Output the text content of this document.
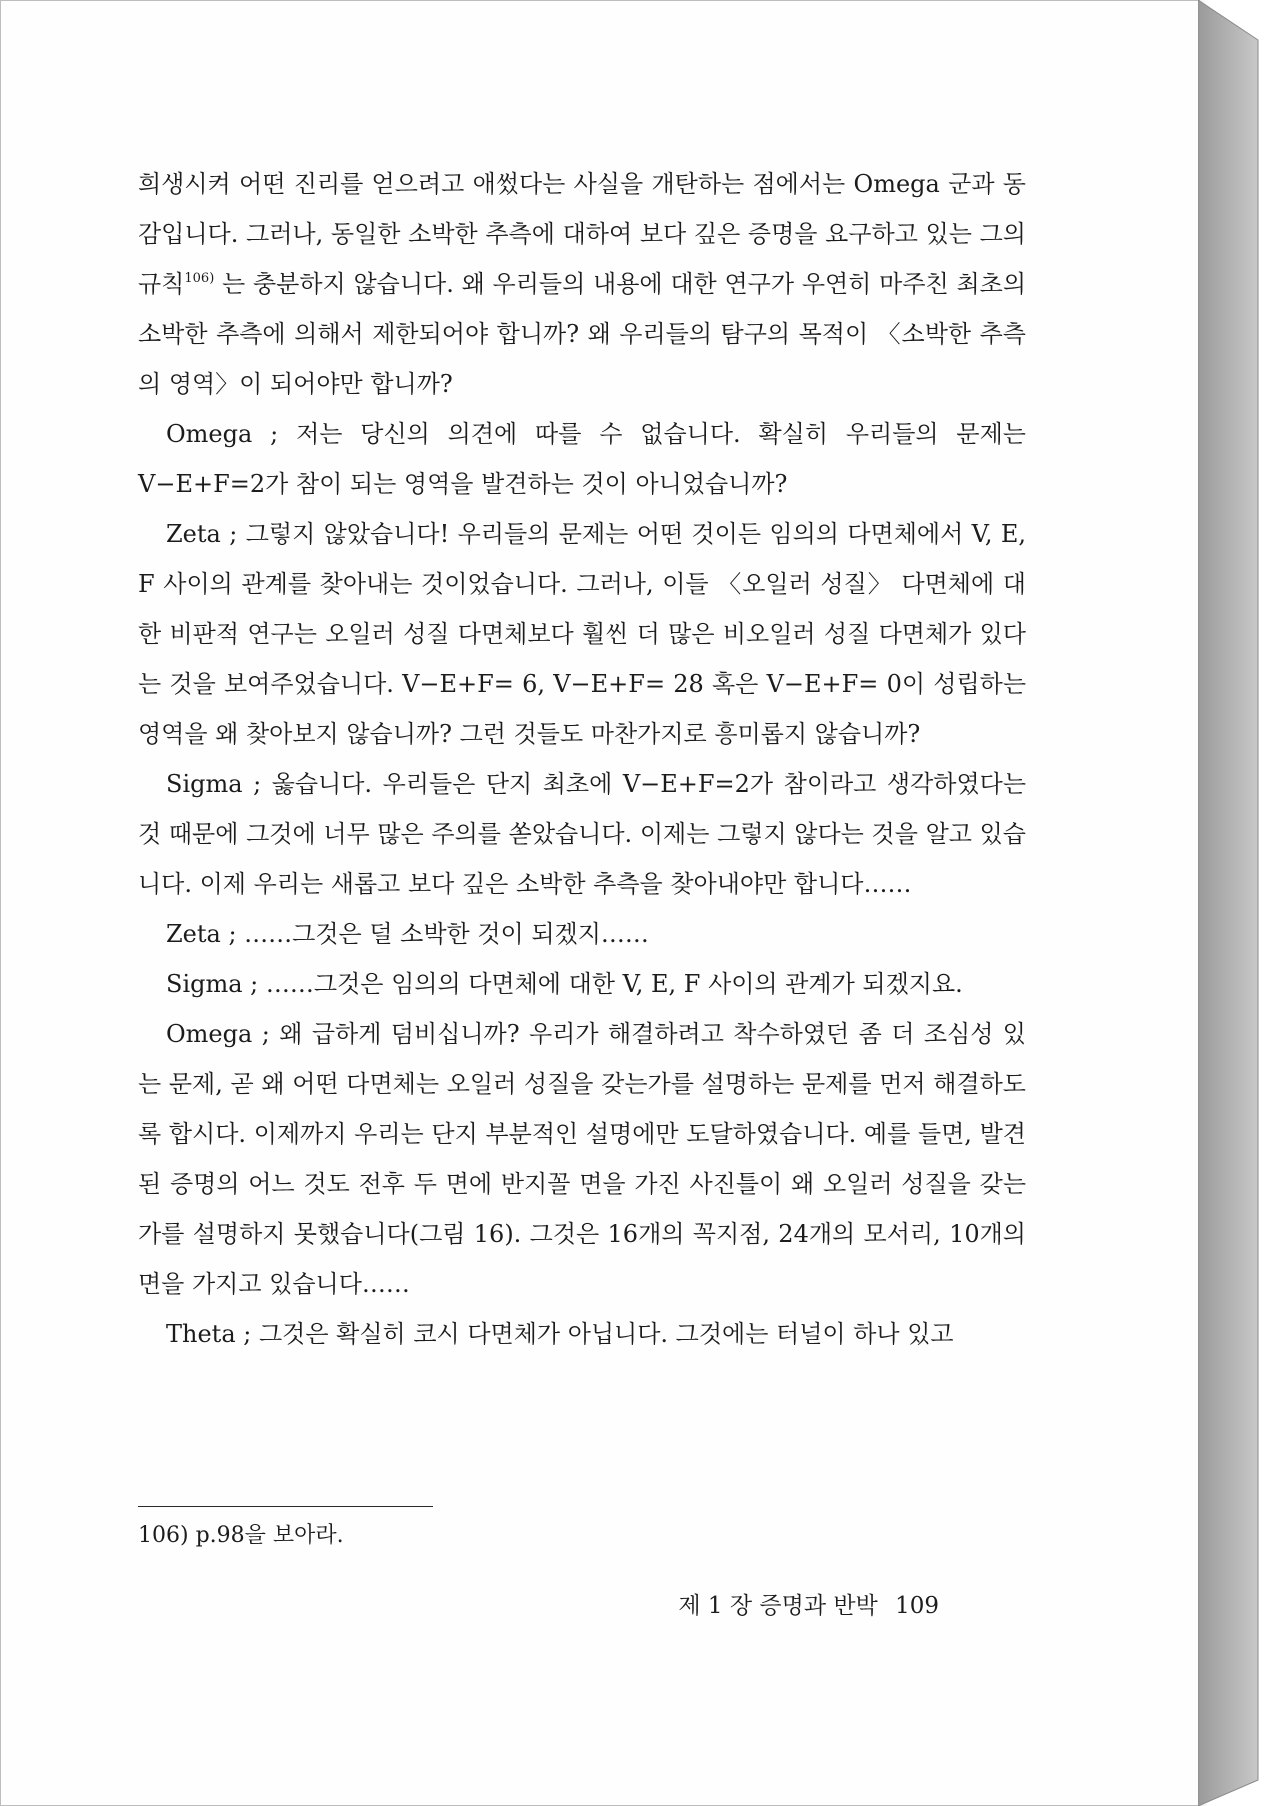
희생시켜 어떤 진리를 얻으려고 애썼다는 사실을 개탄하는 점에서는 Omega 군과 동감입니다. 그러나, 동일한 소박한 추측에 대하여 보다 깊은 증명을 요구하고 있는 그의 규칙$^{106)}$ 는 충분하지 않습니다. 왜 우리들의 내용에 대한 연구가 우연히 마주친 최초의 소박한 추측에 의해서 제한되어야 합니까? 왜 우리들의 탐구의 목적이 〈소박한 추측의 영역〉이 되어야만 합니까?

Omega ; 저는 당신의 의견에 따를 수 없습니다. 확실히 우리들의 문제는 V−E+F=2가 참이 되는 영역을 발견하는 것이 아니었습니까?

Zeta ; 그렇지 않았습니다! 우리들의 문제는 어떤 것이든 임의의 다면체에서 V, E, F 사이의 관계를 찾아내는 것이었습니다. 그러나, 이들 〈오일러 성질〉 다면체에 대한 비판적 연구는 오일러 성질 다면체보다 훨씬 더 많은 비오일러 성질 다면체가 있다는 것을 보여주었습니다. V−E+F= 6, V−E+F= 28 혹은 V−E+F= 0이 성립하는 영역을 왜 찾아보지 않습니까? 그런 것들도 마찬가지로 흥미롭지 않습니까?

Sigma ; 옳습니다. 우리들은 단지 최초에 V−E+F=2가 참이라고 생각하였다는 것 때문에 그것에 너무 많은 주의를 쏟았습니다. 이제는 그렇지 않다는 것을 알고 있습니다. 이제 우리는 새롭고 보다 깊은 소박한 추측을 찾아내야만 합니다……

Zeta ; ……그것은 덜 소박한 것이 되겠지……

Sigma ; ……그것은 임의의 다면체에 대한 V, E, F 사이의 관계가 되겠지요.

Omega ; 왜 급하게 덤비십니까? 우리가 해결하려고 착수하였던 좀 더 조심성 있는 문제, 곧 왜 어떤 다면체는 오일러 성질을 갖는가를 설명하는 문제를 먼저 해결하도록 합시다. 이제까지 우리는 단지 부분적인 설명에만 도달하였습니다. 예를 들면, 발견된 증명의 어느 것도 전후 두 면에 반지꼴 면을 가진 사진틀이 왜 오일러 성질을 갖는가를 설명하지 못했습니다(그림 16). 그것은 16개의 꼭지점, 24개의 모서리, 10개의 면을 가지고 있습니다……

Theta ; 그것은 확실히 코시 다면체가 아닙니다. 그것에는 터널이 하나 있고

106) p.98을 보아라.
제 1 장 증명과 반박 109
